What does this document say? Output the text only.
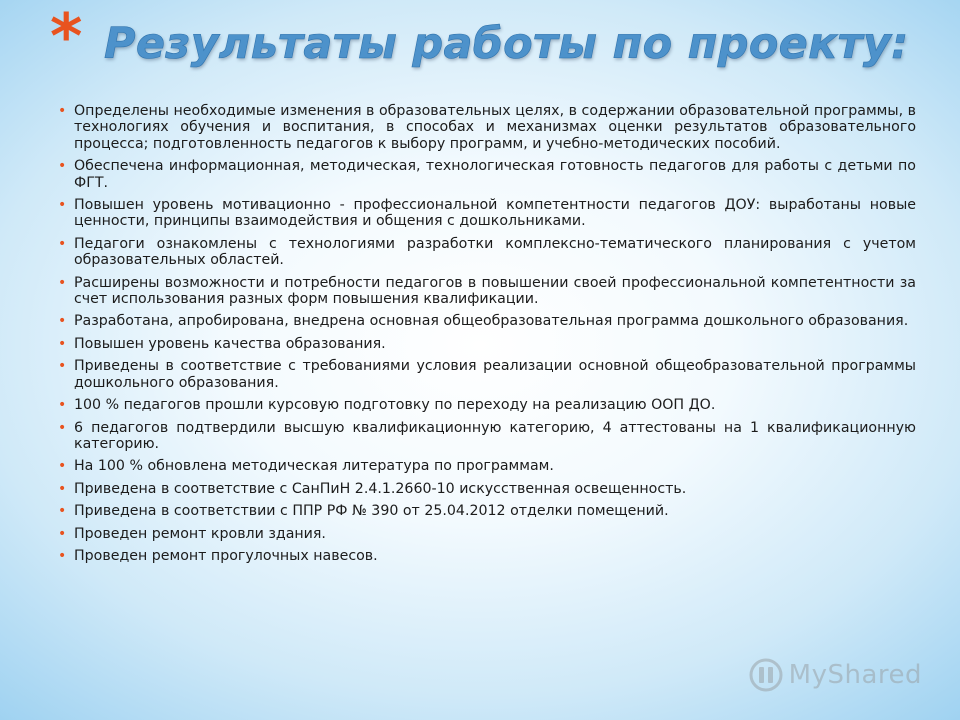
* Результаты работы по проекту:
• Определены необходимые изменения в образовательных целях, в содержании образовательной программы, в технологиях обучения и воспитания, в способах и механизмах оценки результатов образовательного процесса; подготовленность педагогов к выбору программ, и учебно-методических пособий.
• Обеспечена информационная, методическая, технологическая готовность педагогов для работы с детьми по ФГТ.
• Повышен уровень мотивационно - профессиональной компетентности педагогов ДОУ: выработаны новые ценности, принципы взаимодействия и общения с дошкольниками.
• Педагоги ознакомлены с технологиями разработки комплексно-тематического планирования с учетом образовательных областей.
• Расширены возможности и потребности педагогов в повышении своей профессиональной компетентности за счет использования разных форм повышения квалификации.
• Разработана, апробирована, внедрена основная общеобразовательная программа дошкольного образования.
• Повышен уровень качества образования.
• Приведены в соответствие с требованиями условия реализации основной общеобразовательной программы дошкольного образования.
• 100 % педагогов прошли курсовую подготовку по переходу на реализацию ООП ДО.
• 6 педагогов подтвердили высшую квалификационную категорию, 4 аттестованы на 1 квалификационную категорию.
• На 100 % обновлена методическая литература по программам.
• Приведена в соответствие с СанПиН 2.4.1.2660-10 искусственная освещенность.
• Приведена в соответствии с ППР РФ № 390 от 25.04.2012 отделки помещений.
• Проведен ремонт кровли здания.
• Проведен ремонт прогулочных навесов.
MyShared
